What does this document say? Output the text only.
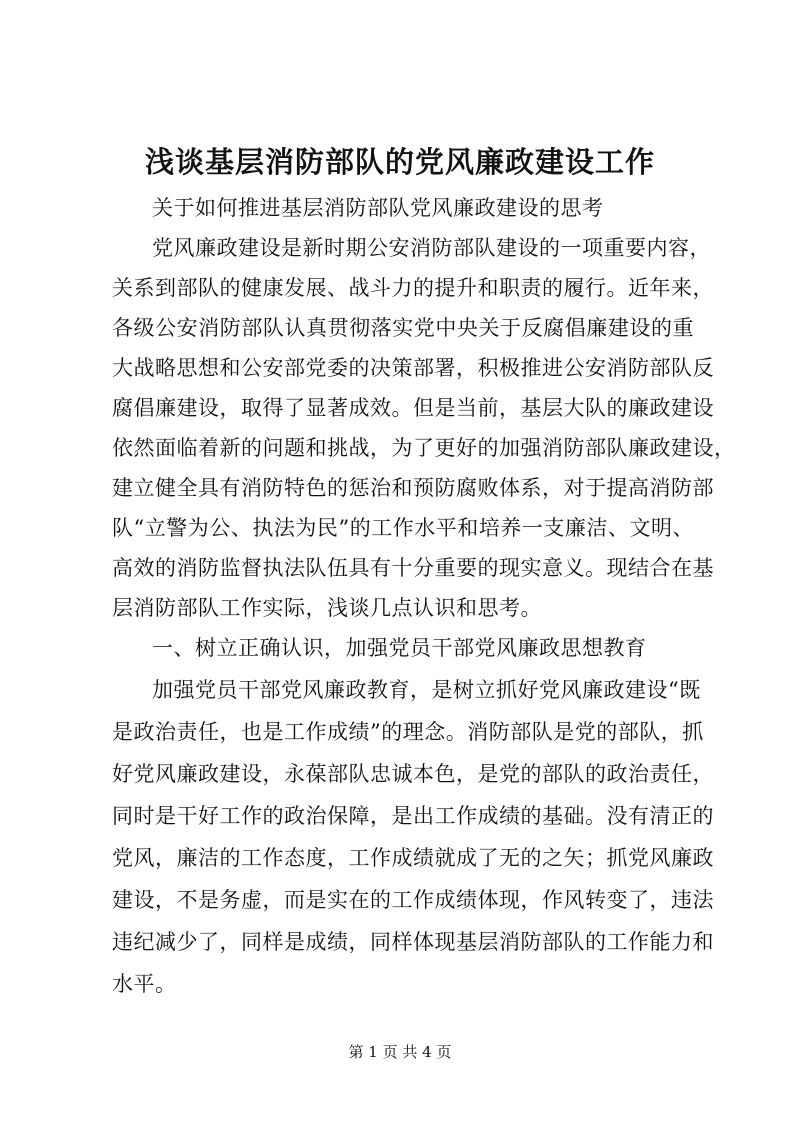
浅谈基层消防部队的党风廉政建设工作
关于如何推进基层消防部队党风廉政建设的思考
党风廉政建设是新时期公安消防部队建设的一项重要内容，
关系到部队的健康发展、战斗力的提升和职责的履行。近年来，
各级公安消防部队认真贯彻落实党中央关于反腐倡廉建设的重
大战略思想和公安部党委的决策部署，积极推进公安消防部队反
腐倡廉建设，取得了显著成效。但是当前，基层大队的廉政建设
依然面临着新的问题和挑战，为了更好的加强消防部队廉政建设，
建立健全具有消防特色的惩治和预防腐败体系，对于提高消防部
队“立警为公、执法为民”的工作水平和培养一支廉洁、文明、
高效的消防监督执法队伍具有十分重要的现实意义。现结合在基
层消防部队工作实际，浅谈几点认识和思考。
一、树立正确认识，加强党员干部党风廉政思想教育
加强党员干部党风廉政教育，是树立抓好党风廉政建设“既
是政治责任，也是工作成绩”的理念。消防部队是党的部队，抓
好党风廉政建设，永葆部队忠诚本色，是党的部队的政治责任，
同时是干好工作的政治保障，是出工作成绩的基础。没有清正的
党风，廉洁的工作态度，工作成绩就成了无的之矢；抓党风廉政
建设，不是务虚，而是实在的工作成绩体现，作风转变了，违法
违纪减少了，同样是成绩，同样体现基层消防部队的工作能力和
水平。
第 1 页 共 4 页
